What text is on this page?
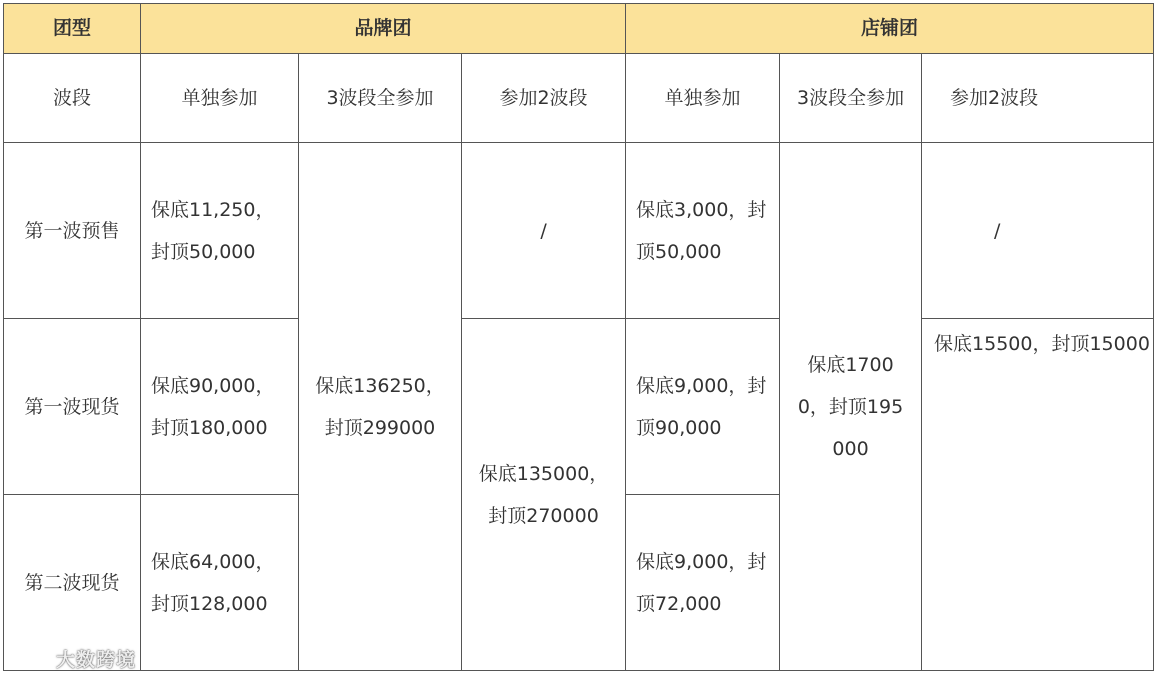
团型	品牌团			店铺团		
波段	单独参加	3波段全参加	参加2波段	单独参加	3波段全参加	参加2波段
第一波预售	保底11,250，封顶50,000	保底136250，封顶299000	/	保底3,000，封顶50,000	保底17000，封顶195000	/
第一波现货	保底90,000，封顶180,000		保底135000，封顶270000	保底9,000，封顶90,000		保底15500，封顶15000
第二波现货	保底64,000，封顶128,000			保底9,000，封顶72,000		
大数跨境
